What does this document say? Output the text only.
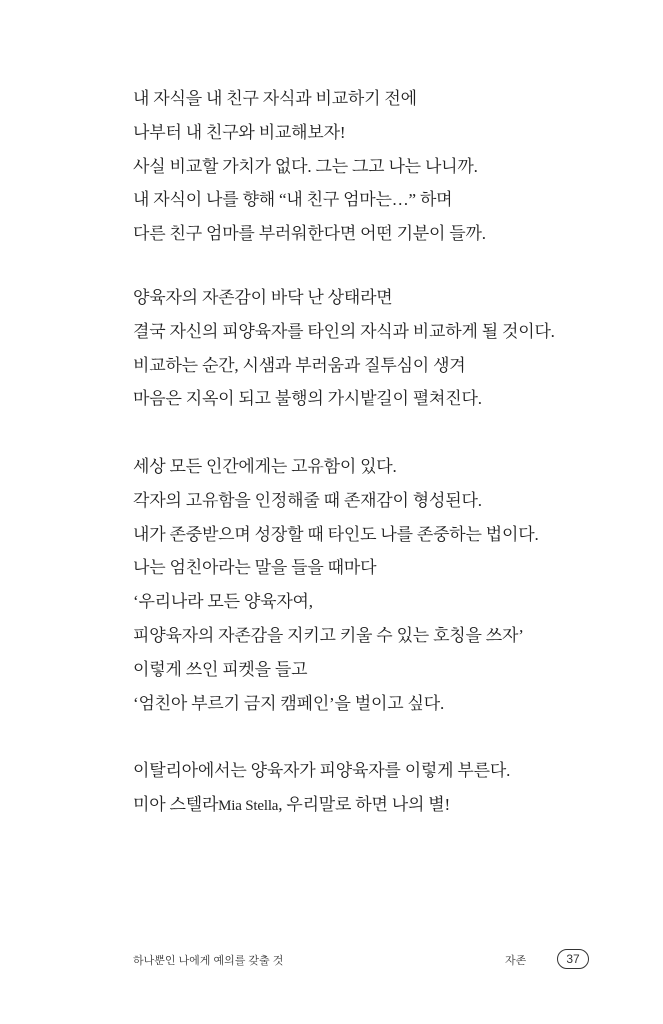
내 자식을 내 친구 자식과 비교하기 전에
나부터 내 친구와 비교해보자!
사실 비교할 가치가 없다. 그는 그고 나는 나니까.
내 자식이 나를 향해 “내 친구 엄마는…” 하며
다른 친구 엄마를 부러워한다면 어떤 기분이 들까.
양육자의 자존감이 바닥 난 상태라면
결국 자신의 피양육자를 타인의 자식과 비교하게 될 것이다.
비교하는 순간, 시샘과 부러움과 질투심이 생겨
마음은 지옥이 되고 불행의 가시밭길이 펼쳐진다.
세상 모든 인간에게는 고유함이 있다.
각자의 고유함을 인정해줄 때 존재감이 형성된다.
내가 존중받으며 성장할 때 타인도 나를 존중하는 법이다.
나는 엄친아라는 말을 들을 때마다
‘우리나라 모든 양육자여,
피양육자의 자존감을 지키고 키울 수 있는 호칭을 쓰자’
이렇게 쓰인 피켓을 들고
‘엄친아 부르기 금지 캠페인’을 벌이고 싶다.
이탈리아에서는 양육자가 피양육자를 이렇게 부른다.
미아 스텔라Mia Stella, 우리말로 하면 나의 별!
하나뿐인 나에게 예의를 갖출 것	자존	37
